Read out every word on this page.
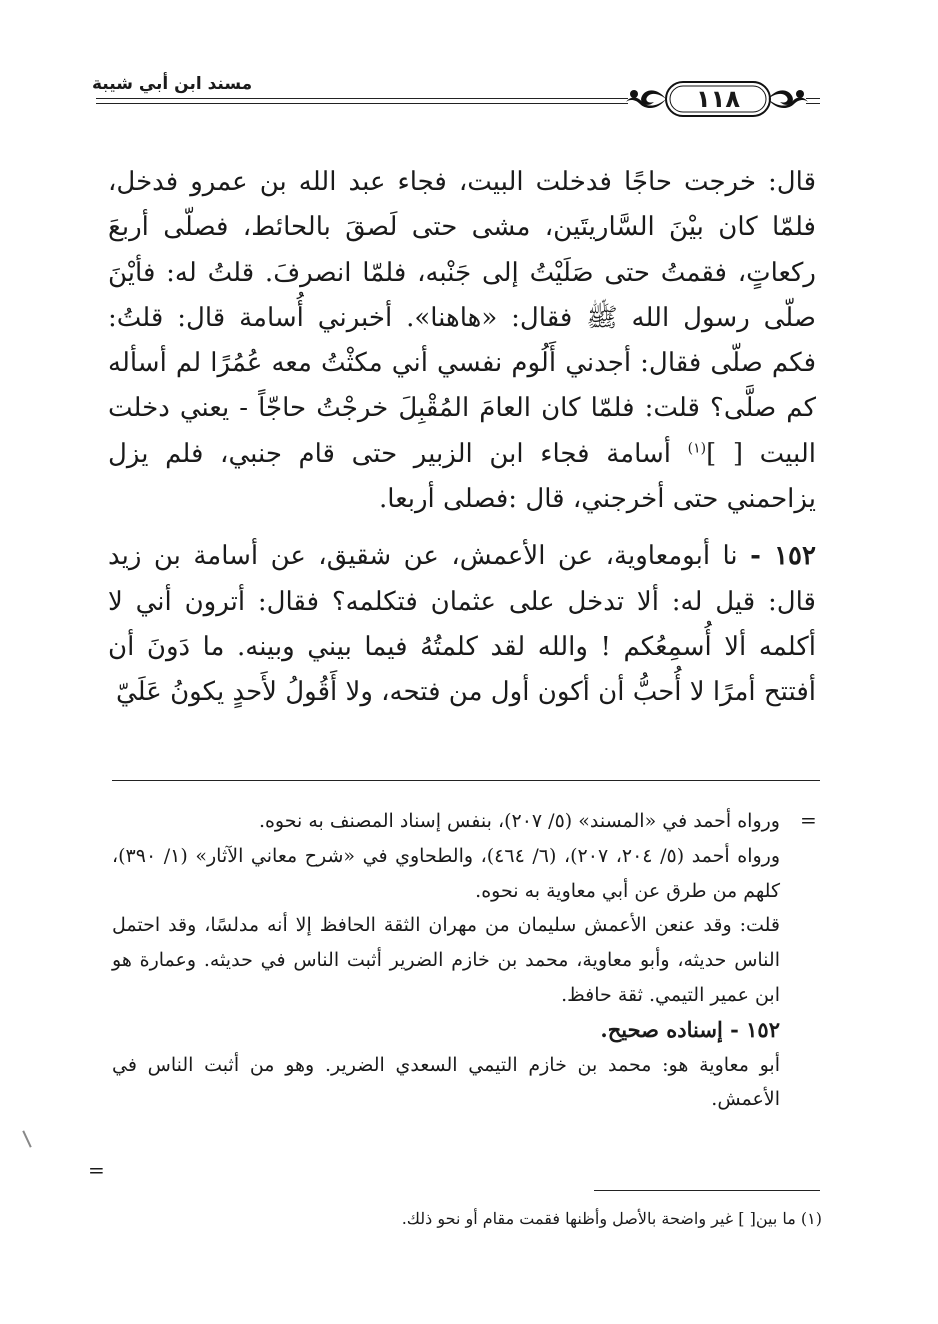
مسند ابن أبي شيبة
١١٨

قال: خرجت حاجًا فدخلت البيت، فجاء عبد الله بن عمرو فدخل، فلمّا كان بيْنَ السَّاريتَين، مشى حتى لَصقَ بالحائط، فصلّى أربعَ ركعاتٍ، فقمتُ حتى صَلَيْتُ إلى جَنْبه، فلمّا انصرفَ. قلتُ له: فأيْنَ صلّى رسول الله ﷺ فقال: «هاهنا». أخبرني أُسامة قال: قلتُ: فكم صلّى فقال: أجدني أَلُوم نفسي أني مكثْتُ معه عُمُرًا لم أسأله كم صلَّى؟ قلت: فلمّا كان العامَ المُقْبِلَ خرجْتُ حاجّاً - يعني دخلت البيت [ ]$^{(١)}$ أسامة فجاء ابن الزبير حتى قام جنبي، فلم يزل يزاحمني حتى أخرجني، قال :فصلى أربعا.

١٥٢ - نا أبومعاوية، عن الأعمش، عن شقيق، عن أسامة بن زيد قال: قيل له: ألا تدخل على عثمان فتكلمه؟ فقال: أترون أني لا أكلمه ألا أُسمِعُكم ! والله لقد كلمتُهُ فيما بيني وبينه. ما دَونَ أن أفتتح أمرًا لا أُحبُّ أن أكون أول من فتحه، ولا أَقُولُ لأَحدٍ يكونُ عَلَيّ

=

ورواه أحمد في «المسند» (٥/ ٢٠٧)، بنفس إسناد المصنف به نحوه.

ورواه أحمد (٥/ ٢٠٤، ٢٠٧)، (٦/ ٤٦٤)، والطحاوي في «شرح معاني الآثار» (١/ ٣٩٠)، كلهم من طرق عن أبي معاوية به نحوه.

قلت: وقد عنعن الأعمش سليمان من مهران الثقة الحافظ إلا أنه مدلسًا، وقد احتمل الناس حديثه، وأبو معاوية، محمد بن خازم الضرير أثبت الناس في حديثه. وعمارة هو ابن عمير التيمي. ثقة حافظ.

١٥٢ - إسناده صحيح.

أبو معاوية هو: محمد بن خازم التيمي السعدي الضرير. وهو من أثبت الناس في الأعمش.

=
(١) ما بين[ ] غير واضحة بالأصل وأظنها فقمت مقام أو نحو ذلك.
